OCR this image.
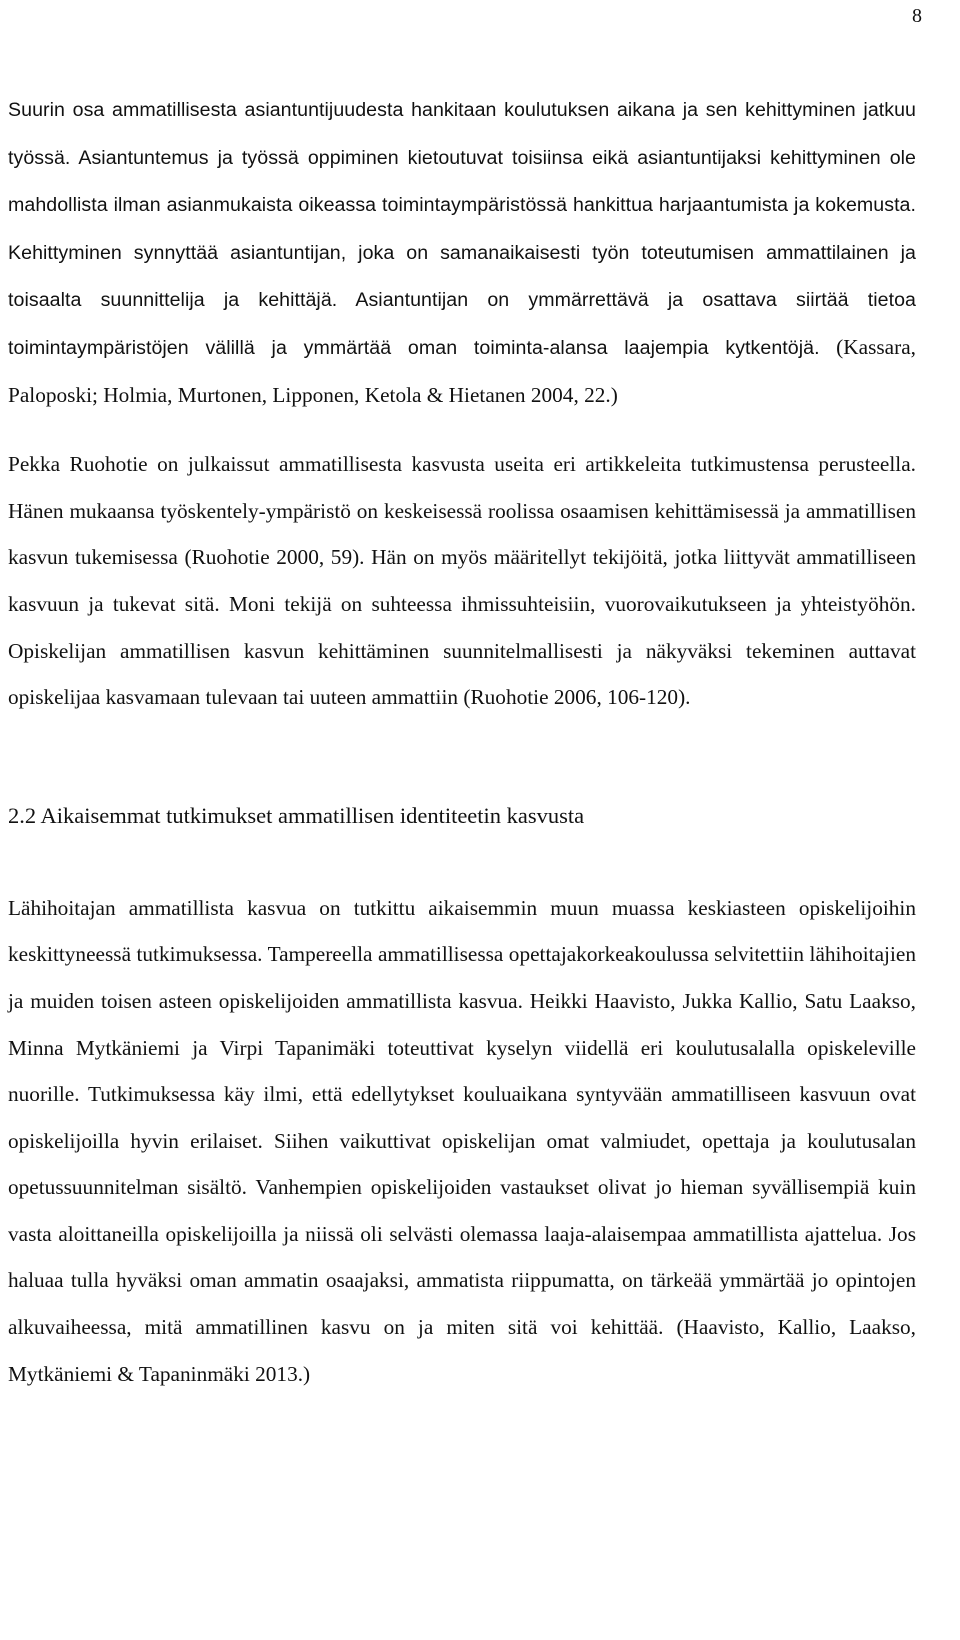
8

Suurin osa ammatillisesta asiantuntijuudesta hankitaan koulutuksen aikana ja sen kehittyminen jatkuu työssä. Asiantuntemus ja työssä oppiminen kietoutuvat toisiinsa eikä asiantuntijaksi kehittyminen ole mahdollista ilman asianmukaista oikeassa toimintaympäristössä hankittua harjaantumista ja kokemusta. Kehittyminen synnyttää asiantuntijan, joka on samanaikaisesti työn toteutumisen ammattilainen ja toisaalta suunnittelija ja kehittäjä. Asiantuntijan on ymmärrettävä ja osattava siirtää tietoa toimintaympäristöjen välillä ja ymmärtää oman toiminta-alansa laajempia kytkentöjä. (Kassara, Paloposki; Holmia, Murtonen, Lipponen, Ketola & Hietanen 2004, 22.)

Pekka Ruohotie on julkaissut ammatillisesta kasvusta useita eri artikkeleita tutkimustensa perusteella. Hänen mukaansa työskentely-ympäristö on keskeisessä roolissa osaamisen kehittämisessä ja ammatillisen kasvun tukemisessa (Ruohotie 2000, 59). Hän on myös määritellyt tekijöitä, jotka liittyvät ammatilliseen kasvuun ja tukevat sitä. Moni tekijä on suhteessa ihmissuhteisiin, vuorovaikutukseen ja yhteistyöhön. Opiskelijan ammatillisen kasvun kehittäminen suunnitelmallisesti ja näkyväksi tekeminen auttavat opiskelijaa kasvamaan tulevaan tai uuteen ammattiin (Ruohotie 2006, 106-120).

2.2 Aikaisemmat tutkimukset ammatillisen identiteetin kasvusta

Lähihoitajan ammatillista kasvua on tutkittu aikaisemmin muun muassa keskiasteen opiskelijoihin keskittyneessä tutkimuksessa. Tampereella ammatillisessa opettajakorkeakoulussa selvitettiin lähihoitajien ja muiden toisen asteen opiskelijoiden ammatillista kasvua. Heikki Haavisto, Jukka Kallio, Satu Laakso, Minna Mytkäniemi ja Virpi Tapanimäki toteuttivat kyselyn viidellä eri koulutusalalla opiskeleville nuorille. Tutkimuksessa käy ilmi, että edellytykset kouluaikana syntyvään ammatilliseen kasvuun ovat opiskelijoilla hyvin erilaiset. Siihen vaikuttivat opiskelijan omat valmiudet, opettaja ja koulutusalan opetussuunnitelman sisältö. Vanhempien opiskelijoiden vastaukset olivat jo hieman syvällisempiä kuin vasta aloittaneilla opiskelijoilla ja niissä oli selvästi olemassa laaja-alaisempaa ammatillista ajattelua. Jos haluaa tulla hyväksi oman ammatin osaajaksi, ammatista riippumatta, on tärkeää ymmärtää jo opintojen alkuvaiheessa, mitä ammatillinen kasvu on ja miten sitä voi kehittää. (Haavisto, Kallio, Laakso, Mytkäniemi & Tapaninmäki 2013.)
